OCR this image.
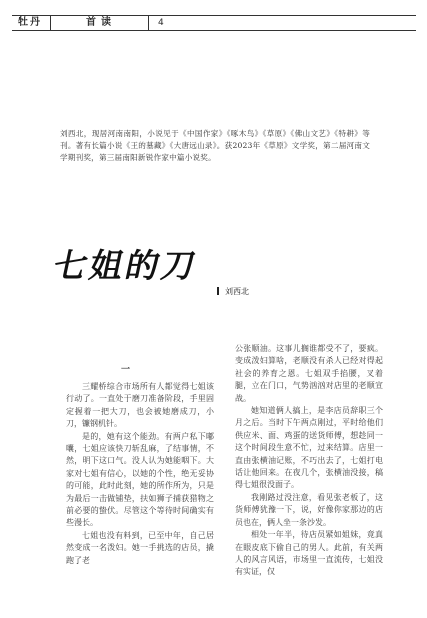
牡丹	首读	4
刘西北，现居河南南阳，小说见于《中国作家》《啄木鸟》《草原》《佛山文艺》《特耕》等刊。著有长篇小说《王的墓藏》《大唐远山录》。获2023年《草原》文学奖，第二届河南文学期刊奖，第三届南阳新锐作家中篇小说奖。
七姐的刀
刘西北
一

三耀桥综合市场所有人都觉得七姐该行动了。一直处于磨刀准备阶段，手里固定握着一把大刀，也会被她磨成刀，小刀，镰钢机针。

是的，她有这个能劲。有两户私下嘟囔，七姐应该快刀斩乱麻，了结事情，不然，明下这口气。没人认为她能咽下。大家对七姐有信心，以她的个性，绝无妥协的可能，此时此刻，她的所作所为，只是为最后一击做铺垫，扶如狮子捕获猎物之前必要的蛰伏。尽管这个等待时间确实有些漫长。

七姐也没有料到，已至中年，自己居然变成一名泼妇。她一手挑选的店员，撬跑了老

公张顺油。这事儿搁谁都受不了，要疯。变成泼妇算啥，老顺没有杀人已经对得起社会的养育之恩。七姐双手掐腰，叉着腿，立在门口，气势汹汹对店里的老顺宣战。

她知道俩人搞上，是李店员辞职三个月之后。当时下午两点刚过，平时给他们供应米、面、鸡蛋的送货师傅，想趁同一这个时间段生意不忙，过来结算。店里一直由张横油记账，不巧出去了，七姐打电话让他回来。在夜几个，张横油没接，稿得七姐很没面子。

我刚路过没注意，看见张老板了，这货师傅犹豫一下，说，好像你家那边的店员也在，俩人坐一条沙发。

相处一年半，待店员紧如姐妹，竟真在眼皮底下偷自己的男人。此前，有关两人的风言风语，市场里一直流传，七姐没有实证，仅
